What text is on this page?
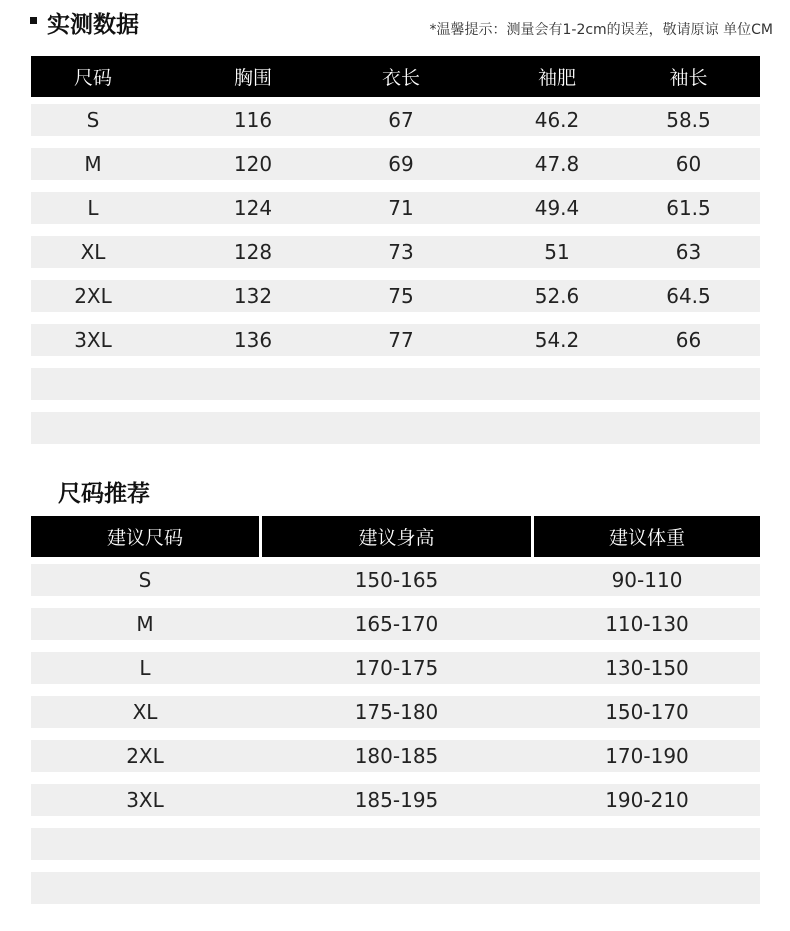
实测数据	*温馨提示：测量会有1-2cm的误差，敬请原谅 单位CM
尺码	胸围	衣长	袖肥	袖长
S	116	67	46.2	58.5
M	120	69	47.8	60
L	124	71	49.4	61.5
XL	128	73	51	63
2XL	132	75	52.6	64.5
3XL	136	77	54.2	66
尺码推荐
建议尺码	建议身高	建议体重
S	150-165	90-110
M	165-170	110-130
L	170-175	130-150
XL	175-180	150-170
2XL	180-185	170-190
3XL	185-195	190-210
